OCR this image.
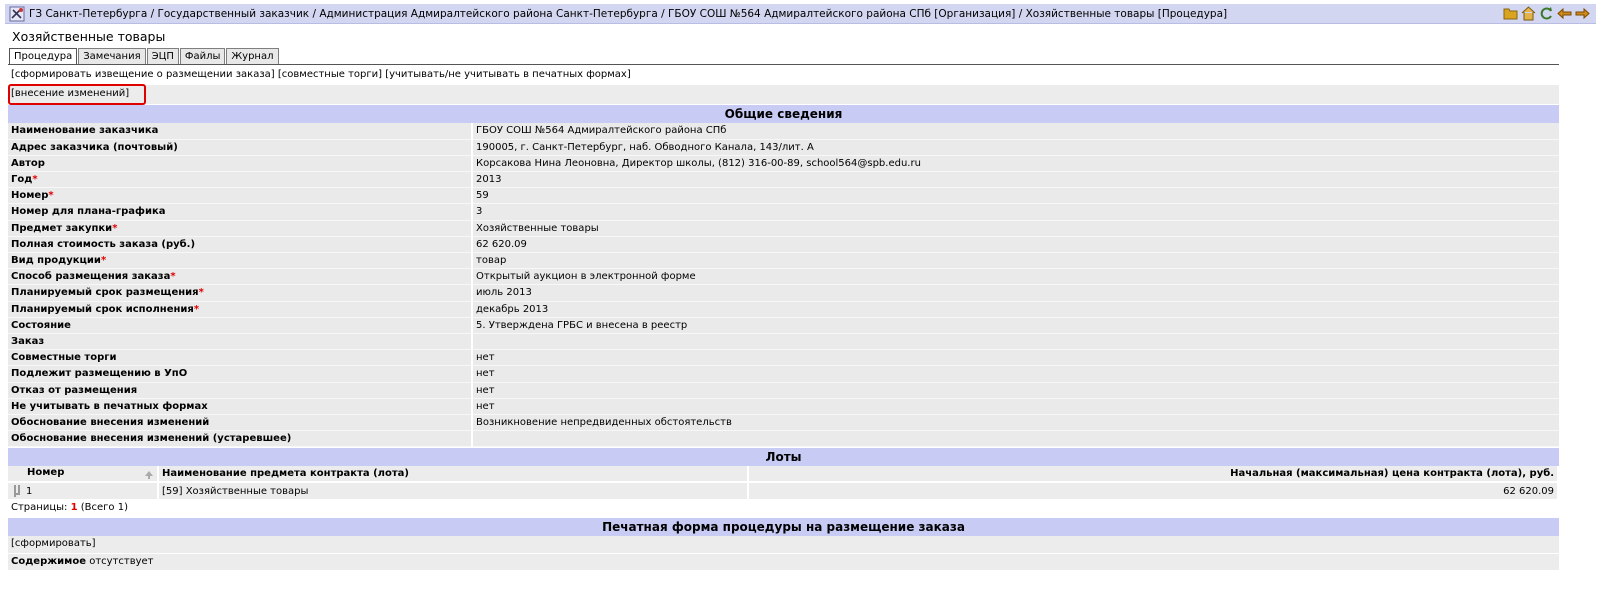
ГЗ Санкт-Петербурга / Государственный заказчик / Администрация Адмиралтейского района Санкт-Петербурга / ГБОУ СОШ №564 Адмиралтейского района СПб [Организация] / Хозяйственные товары [Процедура]
Хозяйственные товары
Процедура	Замечания	ЭЦП	Файлы	Журнал
[сформировать извещение о размещении заказа] [совместные торги] [учитывать/не учитывать в печатных формах]
[внесение изменений]
Общие сведения
Наименование заказчика	ГБОУ СОШ №564 Адмиралтейского района СПб
Адрес заказчика (почтовый)	190005, г. Санкт-Петербург, наб. Обводного Канала, 143/лит. А
Автор	Корсакова Нина Леоновна, Директор школы, (812) 316-00-89, school564@spb.edu.ru
Год*	2013
Номер*	59
Номер для плана-графика	3
Предмет закупки*	Хозяйственные товары
Полная стоимость заказа (руб.)	62 620.09
Вид продукции*	товар
Способ размещения заказа*	Открытый аукцион в электронной форме
Планируемый срок размещения*	июль 2013
Планируемый срок исполнения*	декабрь 2013
Состояние	5. Утверждена ГРБС и внесена в реестр
Заказ	
Совместные торги	нет
Подлежит размещению в УпО	нет
Отказ от размещения	нет
Не учитывать в печатных формах	нет
Обоснование внесения изменений	Возникновение непредвиденных обстоятельств
Обоснование внесения изменений (устаревшее)	
Лоты
Номер	Наименование предмета контракта (лота)	Начальная (максимальная) цена контракта (лота), руб.
1	[59] Хозяйственные товары	62 620.09
Страницы: 1 (Всего 1)
Печатная форма процедуры на размещение заказа
[сформировать]
Содержимое отсутствует
